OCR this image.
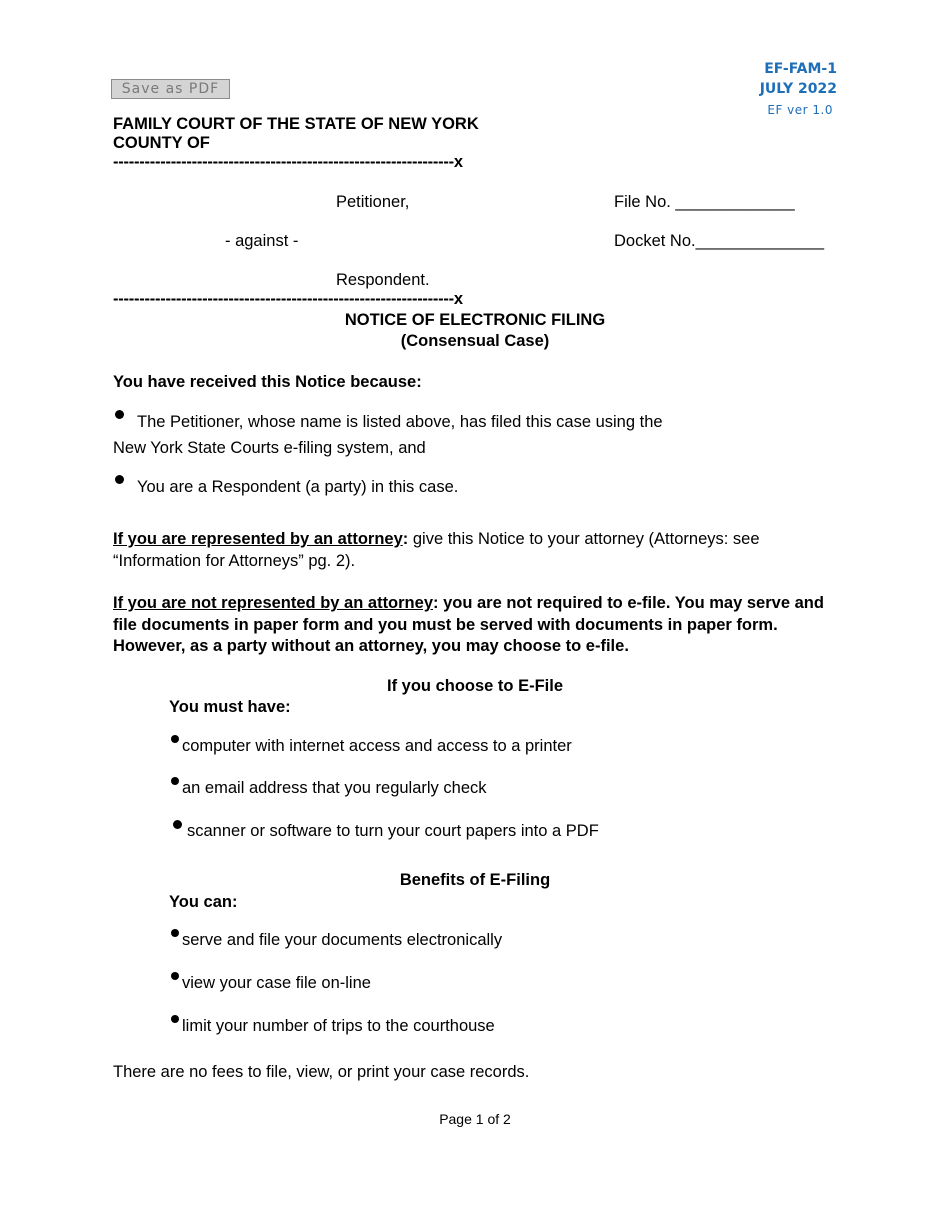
Save as PDF
EF-FAM-1
JULY 2022
EF ver 1.0
FAMILY COURT OF THE STATE OF NEW YORK
COUNTY OF
-----------------------------------------------------------------x
Petitioner,	File No. _____________
- against -	Docket No.______________
Respondent.
-----------------------------------------------------------------x
NOTICE OF ELECTRONIC FILING
(Consensual Case)
You have received this Notice because:
The Petitioner, whose name is listed above, has filed this case using the
New York State Courts e-filing system, and
You are a Respondent (a party) in this case.
If you are represented by an attorney: give this Notice to your attorney (Attorneys: see “Information for Attorneys” pg. 2).
If you are not represented by an attorney: you are not required to e-file. You may serve and file documents in paper form and you must be served with documents in paper form. However, as a party without an attorney, you may choose to e-file.
If you choose to E-File
You must have:
computer with internet access and access to a printer
an email address that you regularly check
scanner or software to turn your court papers into a PDF
Benefits of E-Filing
You can:
serve and file your documents electronically
view your case file on-line
limit your number of trips to the courthouse
There are no fees to file, view, or print your case records.
Page 1 of 2
